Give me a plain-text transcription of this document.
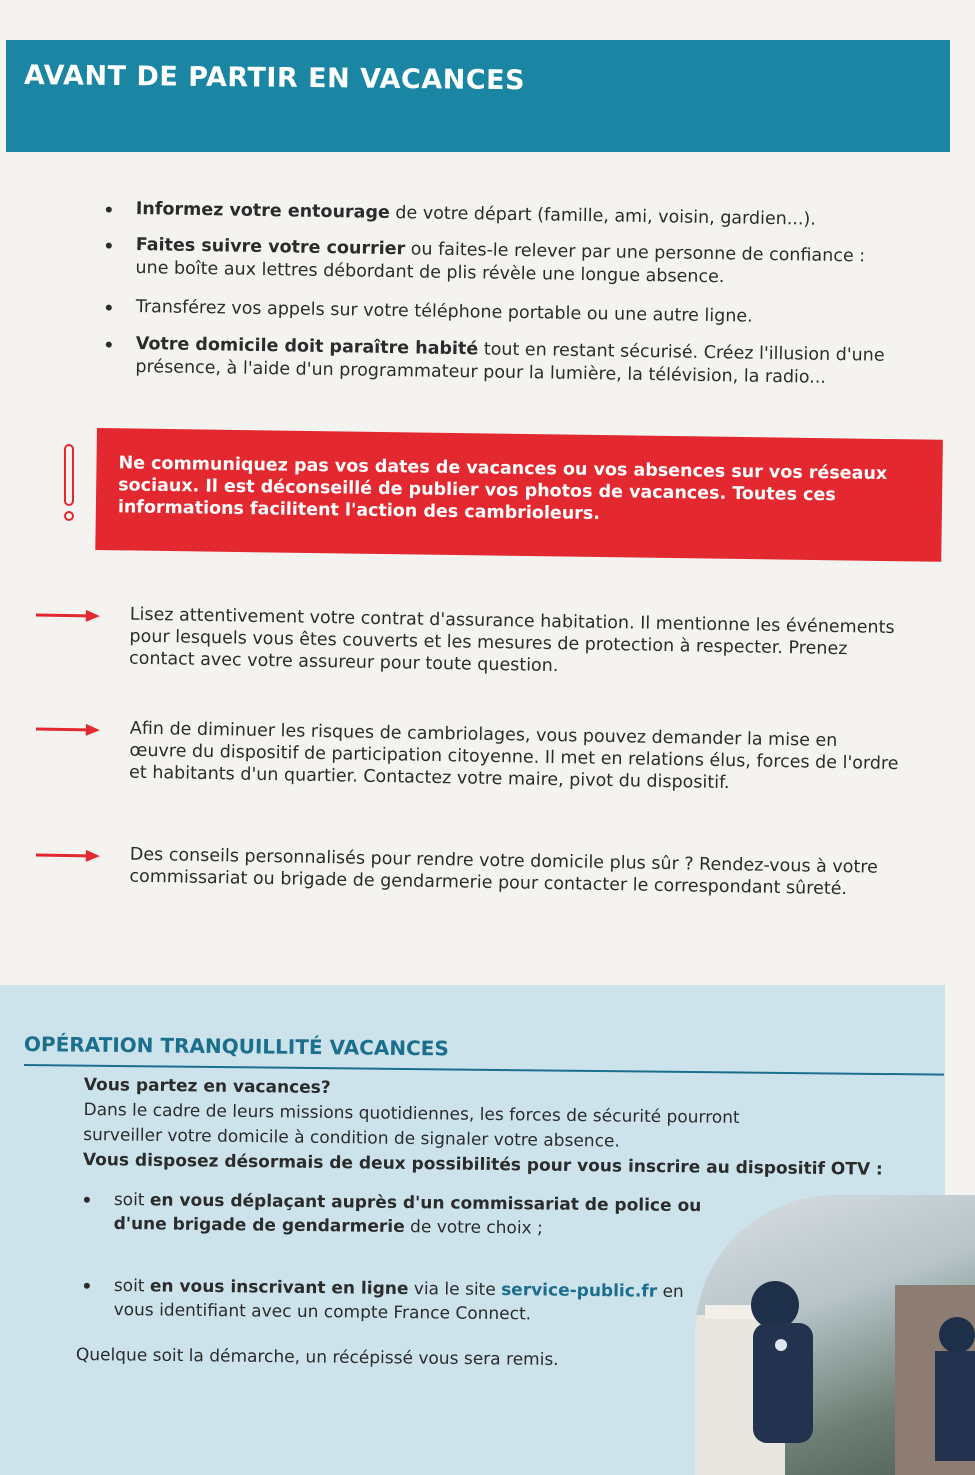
AVANT DE PARTIR EN VACANCES
Informez votre entourage de votre départ (famille, ami, voisin, gardien...).
Faites suivre votre courrier ou faites-le relever par une personne de confiance : une boîte aux lettres débordant de plis révèle une longue absence.
Transférez vos appels sur votre téléphone portable ou une autre ligne.
Votre domicile doit paraître habité tout en restant sécurisé. Créez l'illusion d'une présence, à l'aide d'un programmateur pour la lumière, la télévision, la radio...
Ne communiquez pas vos dates de vacances ou vos absences sur vos réseaux sociaux. Il est déconseillé de publier vos photos de vacances. Toutes ces informations facilitent l'action des cambrioleurs.
Lisez attentivement votre contrat d'assurance habitation. Il mentionne les événements pour lesquels vous êtes couverts et les mesures de protection à respecter. Prenez contact avec votre assureur pour toute question.
Afin de diminuer les risques de cambriolages, vous pouvez demander la mise en œuvre du dispositif de participation citoyenne. Il met en relations élus, forces de l'ordre et habitants d'un quartier. Contactez votre maire, pivot du dispositif.
Des conseils personnalisés pour rendre votre domicile plus sûr ? Rendez-vous à votre commissariat ou brigade de gendarmerie pour contacter le correspondant sûreté.
OPÉRATION TRANQUILLITÉ VACANCES
Vous partez en vacances?
Dans le cadre de leurs missions quotidiennes, les forces de sécurité pourront
surveiller votre domicile à condition de signaler votre absence.
Vous disposez désormais de deux possibilités pour vous inscrire au dispositif OTV :
soit en vous déplaçant auprès d'un commissariat de police ou d'une brigade de gendarmerie de votre choix ;
soit en vous inscrivant en ligne via le site service-public.fr en vous identifiant avec un compte France Connect.
Quelque soit la démarche, un récépissé vous sera remis.
